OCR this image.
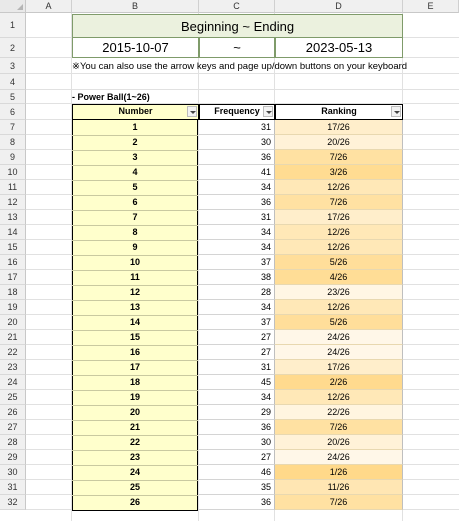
A	B	C	D	E
1
2
3
4
5
6
7
8
9
10
11
12
13
14
15
16
17
18
19
20
21
22
23
24
25
26
27
28
29
30
31
32
Beginning ~ Ending
2015-10-07	~	2023-05-13
※You can also use the arrow keys and page up/down buttons on your keyboard
- Power Ball(1~26)
Number	Frequency	Ranking
1	31	17/26
2	30	20/26
3	36	7/26
4	41	3/26
5	34	12/26
6	36	7/26
7	31	17/26
8	34	12/26
9	34	12/26
10	37	5/26
11	38	4/26
12	28	23/26
13	34	12/26
14	37	5/26
15	27	24/26
16	27	24/26
17	31	17/26
18	45	2/26
19	34	12/26
20	29	22/26
21	36	7/26
22	30	20/26
23	27	24/26
24	46	1/26
25	35	11/26
26	36	7/26
